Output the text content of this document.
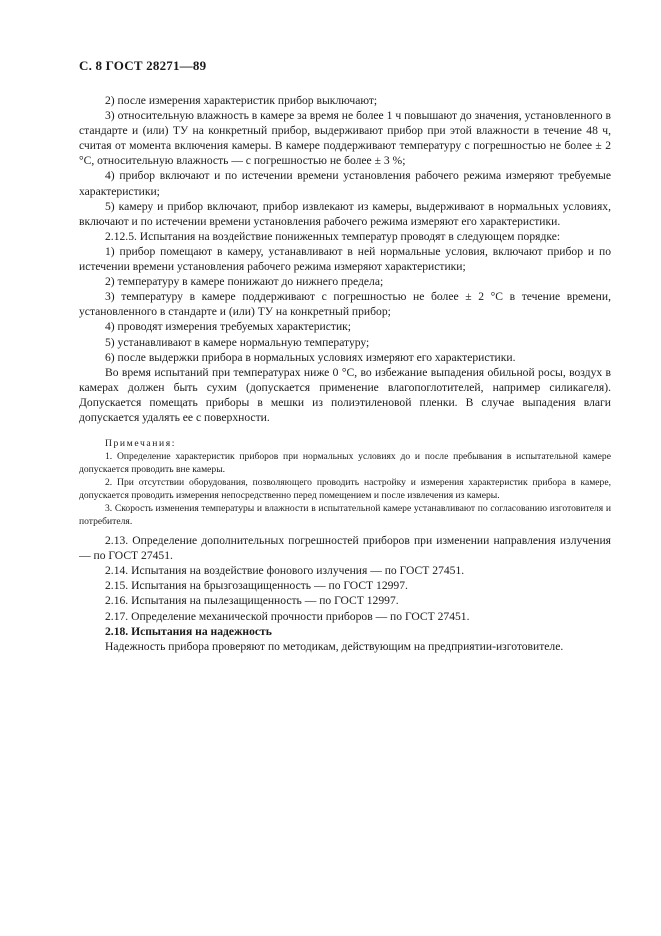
С. 8 ГОСТ 28271—89

2) после измерения характеристик прибор выключают;

3) относительную влажность в камере за время не более 1 ч повышают до значения, установленного в стандарте и (или) ТУ на конкретный прибор, выдерживают прибор при этой влажности в течение 48 ч, считая от момента включения камеры. В камере поддерживают температуру с погрешностью не более ± 2 °С, относительную влажность — с погрешностью не более ± 3 %;

4) прибор включают и по истечении времени установления рабочего режима измеряют требуемые характеристики;

5) камеру и прибор включают, прибор извлекают из камеры, выдерживают в нормальных условиях, включают и по истечении времени установления рабочего режима измеряют его характеристики.

2.12.5. Испытания на воздействие пониженных температур проводят в следующем порядке:

1) прибор помещают в камеру, устанавливают в ней нормальные условия, включают прибор и по истечении времени установления рабочего режима измеряют характеристики;

2) температуру в камере понижают до нижнего предела;

3) температуру в камере поддерживают с погрешностью не более ± 2 °С в течение времени, установленного в стандарте и (или) ТУ на конкретный прибор;

4) проводят измерения требуемых характеристик;

5) устанавливают в камере нормальную температуру;

6) после выдержки прибора в нормальных условиях измеряют его характеристики.

Во время испытаний при температурах ниже 0 °С, во избежание выпадения обильной росы, воздух в камерах должен быть сухим (допускается применение влагопоглотителей, например силикагеля). Допускается помещать приборы в мешки из полиэтиленовой пленки. В случае выпадения влаги допускается удалять ее с поверхности.

Примечания:

1. Определение характеристик приборов при нормальных условиях до и после пребывания в испытательной камере допускается проводить вне камеры.

2. При отсутствии оборудования, позволяющего проводить настройку и измерения характеристик прибора в камере, допускается проводить измерения непосредственно перед помещением и после извлечения из камеры.

3. Скорость изменения температуры и влажности в испытательной камере устанавливают по согласованию изготовителя и потребителя.

2.13. Определение дополнительных погрешностей приборов при изменении направления излучения — по ГОСТ 27451.

2.14. Испытания на воздействие фонового излучения — по ГОСТ 27451.

2.15. Испытания на брызгозащищенность — по ГОСТ 12997.

2.16. Испытания на пылезащищенность — по ГОСТ 12997.

2.17. Определение механической прочности приборов — по ГОСТ 27451.

2.18. Испытания на надежность

Надежность прибора проверяют по методикам, действующим на предприятии-изготовителе.
